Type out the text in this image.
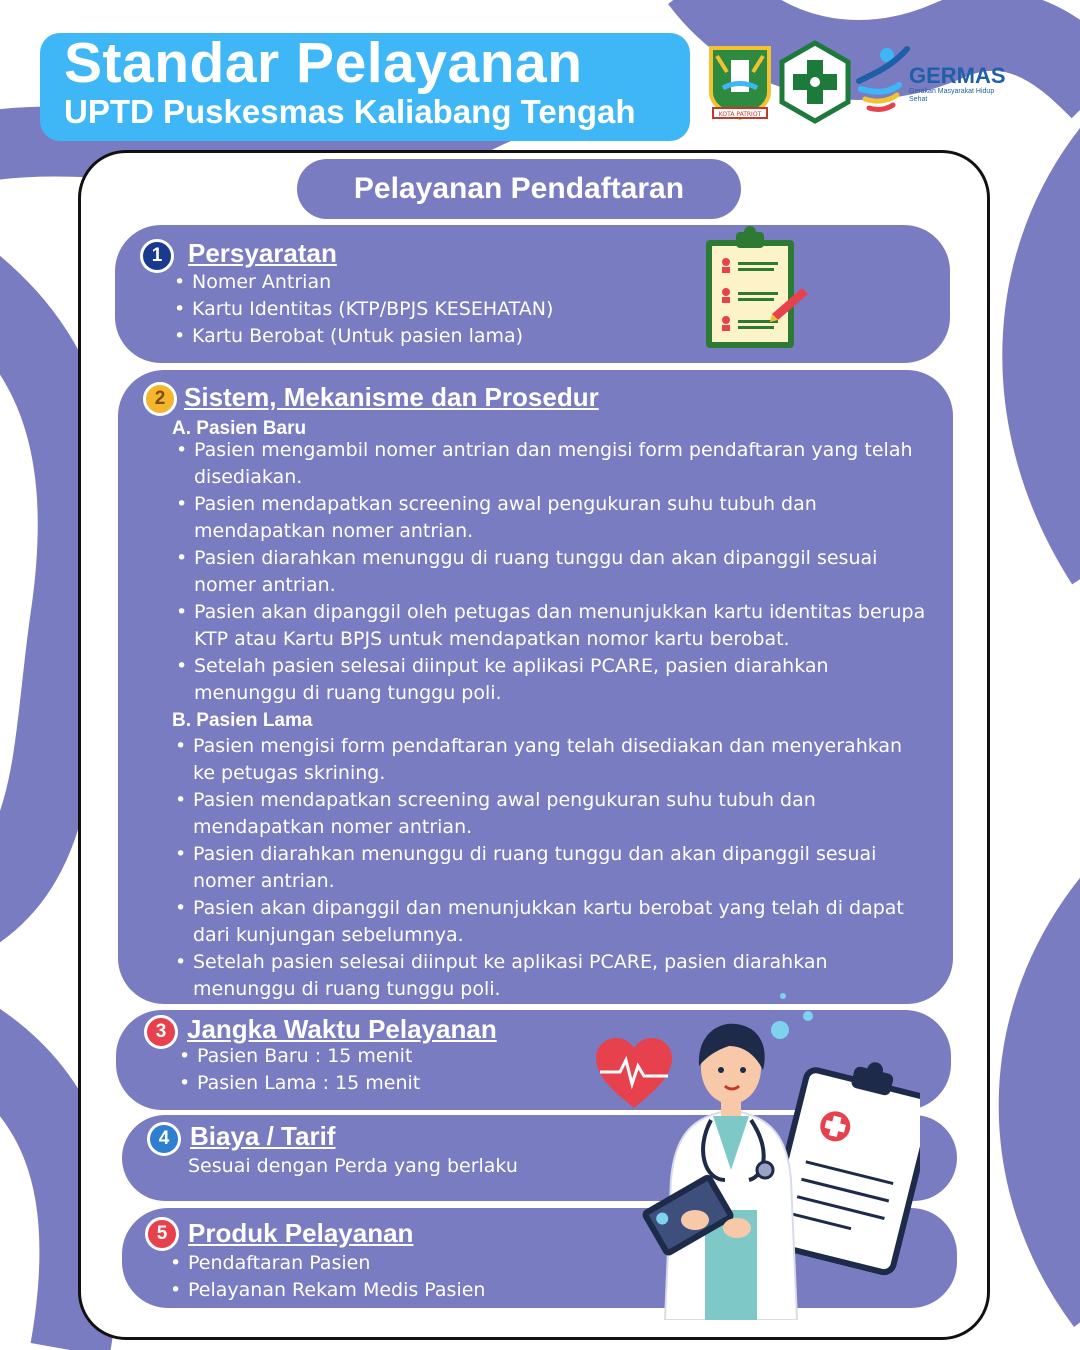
Standar Pelayanan
UPTD Puskesmas Kaliabang Tengah	KOTA PATRIOT
GERMAS
Gerakan Masyarakat Hidup Sehat
Pelayanan Pendaftaran
1 Persyaratan
• Nomer Antrian
• Kartu Identitas (KTP/BPJS KESEHATAN)
• Kartu Berobat (Untuk pasien lama)
2 Sistem, Mekanisme dan Prosedur
A. Pasien Baru
• Pasien mengambil nomer antrian dan mengisi form pendaftaran yang telah disediakan.
• Pasien mendapatkan screening awal pengukuran suhu tubuh dan mendapatkan nomer antrian.
• Pasien diarahkan menunggu di ruang tunggu dan akan dipanggil sesuai nomer antrian.
• Pasien akan dipanggil oleh petugas dan menunjukkan kartu identitas berupa KTP atau Kartu BPJS untuk mendapatkan nomor kartu berobat.
• Setelah pasien selesai diinput ke aplikasi PCARE, pasien diarahkan menunggu di ruang tunggu poli.
B. Pasien Lama
• Pasien mengisi form pendaftaran yang telah disediakan dan menyerahkan ke petugas skrining.
• Pasien mendapatkan screening awal pengukuran suhu tubuh dan mendapatkan nomer antrian.
• Pasien diarahkan menunggu di ruang tunggu dan akan dipanggil sesuai nomer antrian.
• Pasien akan dipanggil dan menunjukkan kartu berobat yang telah di dapat dari kunjungan sebelumnya.
• Setelah pasien selesai diinput ke aplikasi PCARE, pasien diarahkan menunggu di ruang tunggu poli.
3 Jangka Waktu Pelayanan
• Pasien Baru : 15 menit
• Pasien Lama : 15 menit
4 Biaya / Tarif
Sesuai dengan Perda yang berlaku
5 Produk Pelayanan
• Pendaftaran Pasien
• Pelayanan Rekam Medis Pasien
